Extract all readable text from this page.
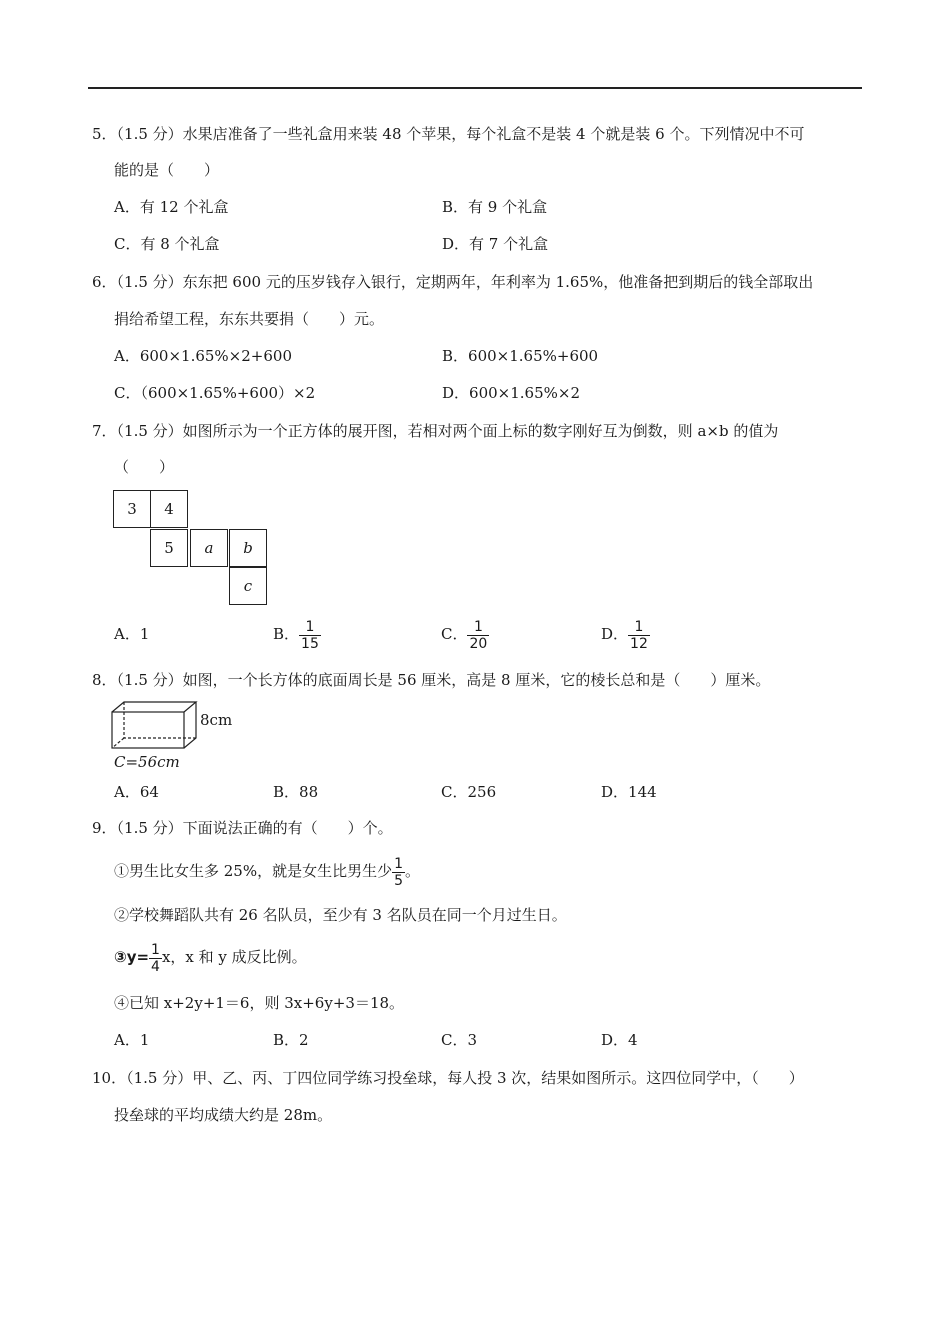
5．（1.5 分）水果店准备了一些礼盒用来装 48 个苹果，每个礼盒不是装 4 个就是装 6 个。下列情况中不可
能的是（　　）
A．有 12 个礼盒	B．有 9 个礼盒
C．有 8 个礼盒	D．有 7 个礼盒
6．（1.5 分）东东把 600 元的压岁钱存入银行，定期两年，年利率为 1.65%，他准备把到期后的钱全部取出
捐给希望工程，东东共要捐（　　）元。
A．600×1.65%×2+600	B．600×1.65%+600
C．（600×1.65%+600）×2	D．600×1.65%×2
7．（1.5 分）如图所示为一个正方体的展开图，若相对两个面上标的数字刚好互为倒数，则 a×b 的值为
（　　）
3	4
5	a	b
c
A．1	B． $\frac{1}{15}$	C． $\frac{1}{20}$	D． $\frac{1}{12}$
8．（1.5 分）如图，一个长方体的底面周长是 56 厘米，高是 8 厘米，它的棱长总和是（　　）厘米。
8cm
C=56cm
A．64	B．88	C．256	D．144
9．（1.5 分）下面说法正确的有（　　）个。
①男生比女生多 25%，就是女生比男生少 $\frac{1}{5}$ 。
②学校舞蹈队共有 26 名队员，至少有 3 名队员在同一个月过生日。
③y= $\frac{1}{4}$ x，x 和 y 成反比例。
④已知 x+2y+1＝6，则 3x+6y+3＝18。
A．1	B．2	C．3	D．4
10．（1.5 分）甲、乙、丙、丁四位同学练习投垒球，每人投 3 次，结果如图所示。这四位同学中，（　　）
投垒球的平均成绩大约是 28m。
